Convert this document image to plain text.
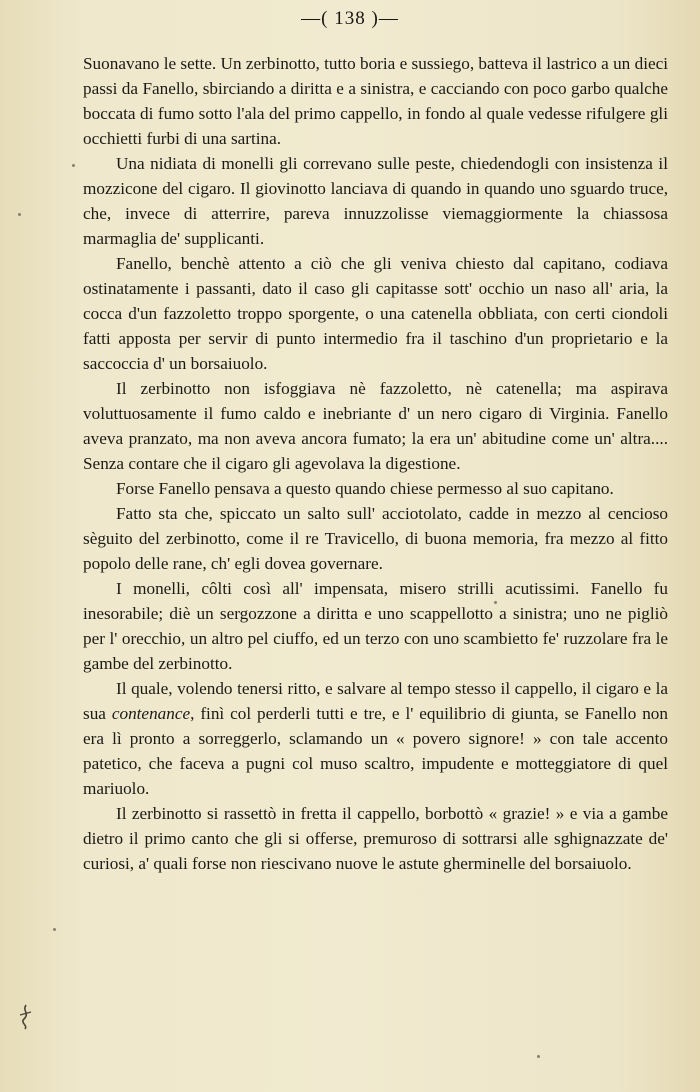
—( 138 )—

Suonavano le sette. Un zerbinotto, tutto boria e sussiego, batteva il lastrico a un dieci passi da Fanello, sbirciando a diritta e a sinistra, e cacciando con poco garbo qualche boccata di fumo sotto l'ala del primo cappello, in fondo al quale vedesse rifulgere gli occhietti furbi di una sartina.

Una nidiata di monelli gli correvano sulle peste, chiedendogli con insistenza il mozzicone del cigaro. Il giovinotto lanciava di quando in quando uno sguardo truce, che, invece di atterrire, pareva innuzzolisse viemaggiormente la chiassosa marmaglia de' supplicanti.

Fanello, benchè attento a ciò che gli veniva chiesto dal capitano, codiava ostinatamente i passanti, dato il caso gli capitasse sott' occhio un naso all' aria, la cocca d'un fazzoletto troppo sporgente, o una catenella obbliata, con certi ciondoli fatti apposta per servir di punto intermedio fra il taschino d'un proprietario e la saccoccia d' un borsaiuolo.

Il zerbinotto non isfoggiava nè fazzoletto, nè catenella; ma aspirava voluttuosamente il fumo caldo e inebriante d' un nero cigaro di Virginia. Fanello aveva pranzato, ma non aveva ancora fumato; la era un' abitudine come un' altra.... Senza contare che il cigaro gli agevolava la digestione.

Forse Fanello pensava a questo quando chiese permesso al suo capitano.

Fatto sta che, spiccato un salto sull' acciotolato, cadde in mezzo al cencioso sèguito del zerbinotto, come il re Travicello, di buona memoria, fra mezzo al fitto popolo delle rane, ch' egli dovea governare.

I monelli, côlti così all' impensata, misero strilli acutissimi. Fanello fu inesorabile; diè un sergozzone a diritta e uno scappellotto a sinistra; uno ne pigliò per l' orecchio, un altro pel ciuffo, ed un terzo con uno scambietto fe' ruzzolare fra le gambe del zerbinotto.

Il quale, volendo tenersi ritto, e salvare al tempo stesso il cappello, il cigaro e la sua contenance, finì col perderli tutti e tre, e l' equilibrio di giunta, se Fanello non era lì pronto a sorreggerlo, sclamando un « povero signore! » con tale accento patetico, che faceva a pugni col muso scaltro, impudente e motteggiatore di quel mariuolo.

Il zerbinotto si rassettò in fretta il cappello, borbottò « grazie! » e via a gambe dietro il primo canto che gli si offerse, premuroso di sottrarsi alle sghignazzate de' curiosi, a' quali forse non riescivano nuove le astute gherminelle del borsaiuolo.
